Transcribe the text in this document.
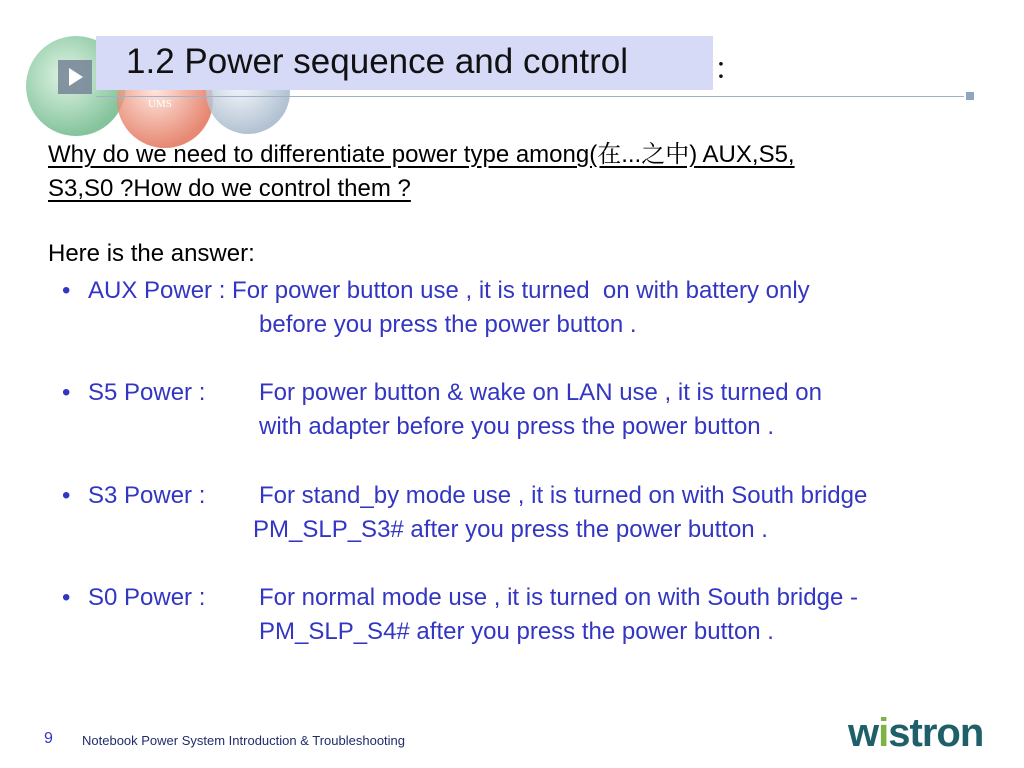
UMS
1.2 Power sequence and control	：
Why do we need to differentiate power type among(在...之中) AUX,S5,
S3,S0 ?How do we control them ?
Here is the answer:
• AUX Power : For power button use , it is turned  on with battery only
before you press the power button .
• S5 Power :	For power button & wake on LAN use , it is turned on
with adapter before you press the power button .
• S3 Power :	For stand_by mode use , it is turned on with South bridge
PM_SLP_S3# after you press the power button .
• S0 Power :	For normal mode use , it is turned on with South bridge -
PM_SLP_S4# after you press the power button .
9 Notebook Power System Introduction & Troubleshooting	wistron
